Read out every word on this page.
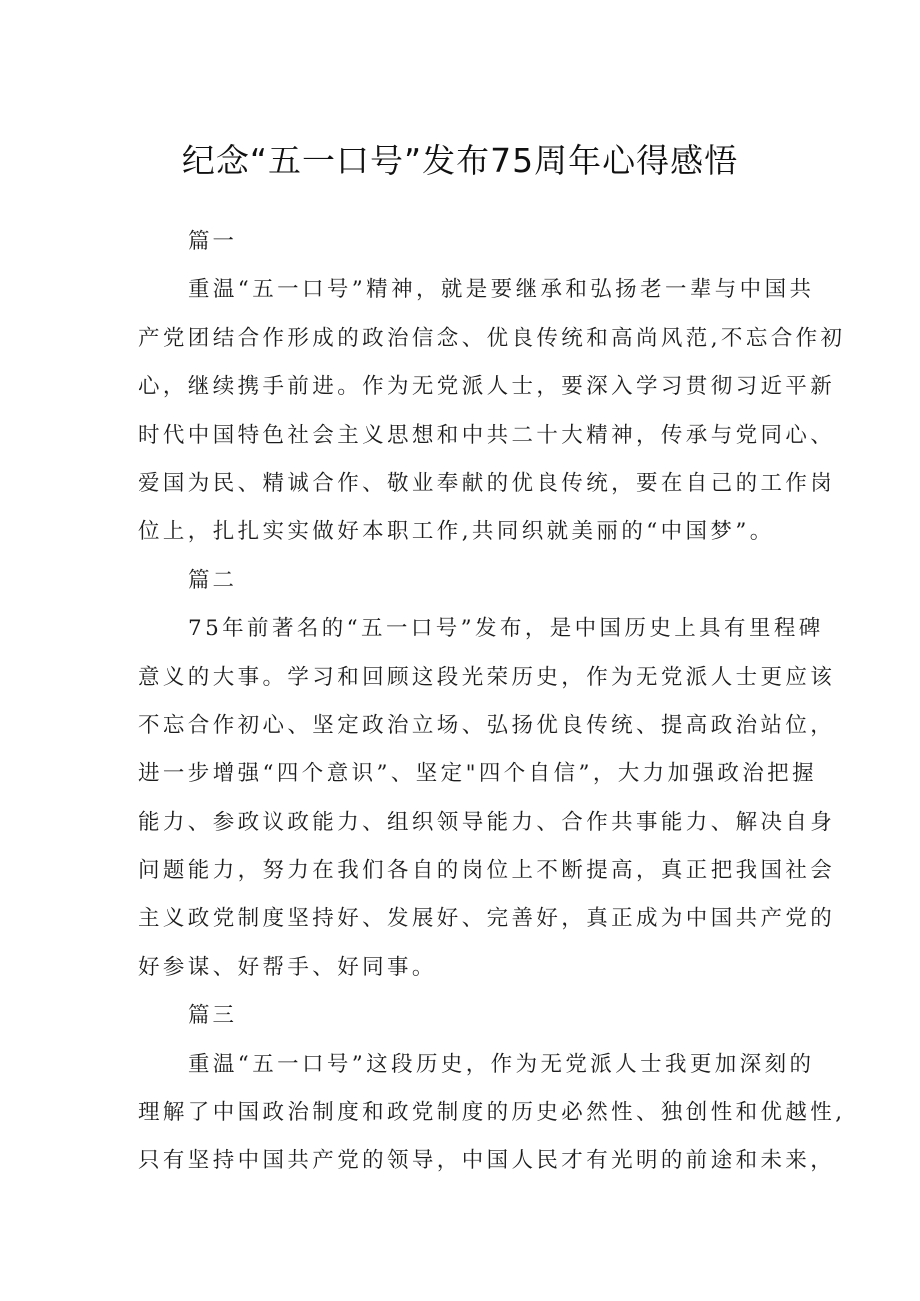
纪念“五一口号”发布75周年心得感悟
篇一
重温“五一口号”精神，就是要继承和弘扬老一辈与中国共
产党团结合作形成的政治信念、优良传统和高尚风范,不忘合作初
心，继续携手前进。作为无党派人士，要深入学习贯彻习近平新
时代中国特色社会主义思想和中共二十大精神，传承与党同心、
爱国为民、精诚合作、敬业奉献的优良传统，要在自己的工作岗
位上，扎扎实实做好本职工作,共同织就美丽的“中国梦”。
篇二
75年前著名的“五一口号”发布，是中国历史上具有里程碑
意义的大事。学习和回顾这段光荣历史，作为无党派人士更应该
不忘合作初心、坚定政治立场、弘扬优良传统、提高政治站位，
进一步增强“四个意识”、坚定"四个自信”，大力加强政治把握
能力、参政议政能力、组织领导能力、合作共事能力、解决自身
问题能力，努力在我们各自的岗位上不断提高，真正把我国社会
主义政党制度坚持好、发展好、完善好，真正成为中国共产党的
好参谋、好帮手、好同事。
篇三
重温“五一口号”这段历史，作为无党派人士我更加深刻的
理解了中国政治制度和政党制度的历史必然性、独创性和优越性,
只有坚持中国共产党的领导，中国人民才有光明的前途和未来，
